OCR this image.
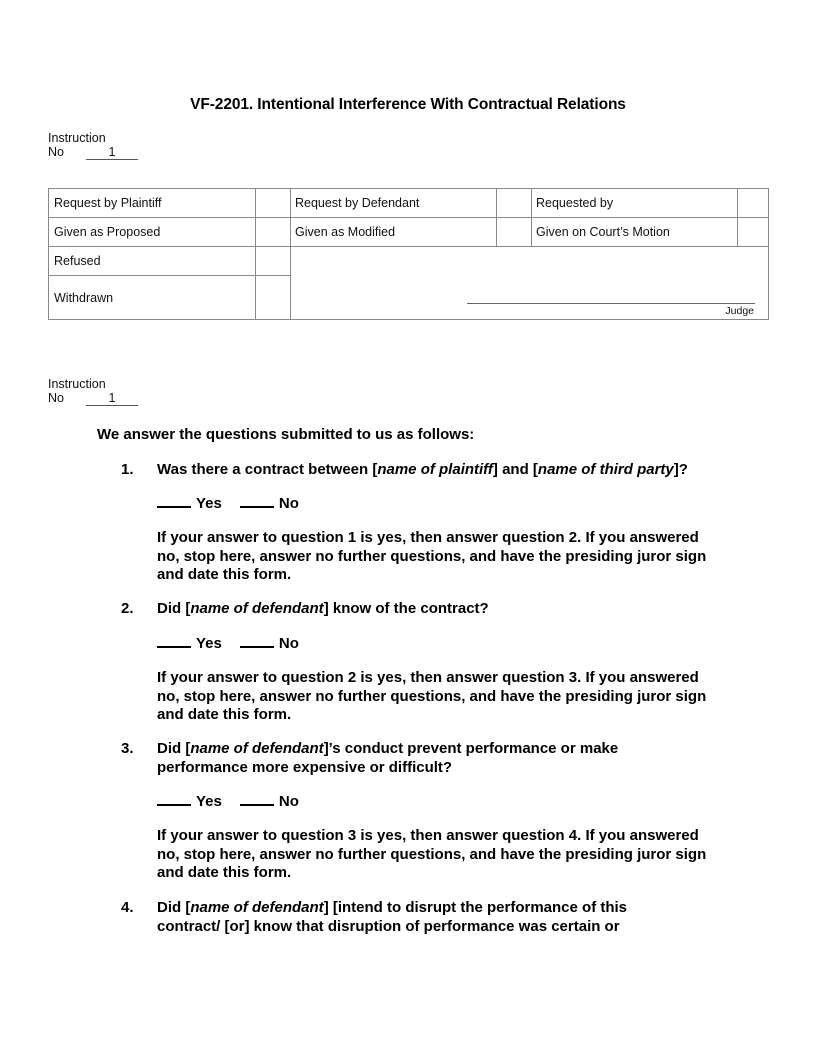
VF-2201. Intentional Interference With Contractual Relations
Instruction
No	1
Request by Plaintiff	Request by Defendant	Requested by
Given as Proposed	Given as Modified	Given on Court’s Motion
Refused
Withdrawn
Judge
Instruction
No	1
We answer the questions submitted to us as follows:
1. Was there a contract between [name of plaintiff] and [name of third party]?
Yes	No
If your answer to question 1 is yes, then answer question 2. If you answered no, stop here, answer no further questions, and have the presiding juror sign and date this form.
2. Did [name of defendant] know of the contract?
Yes	No
If your answer to question 2 is yes, then answer question 3. If you answered no, stop here, answer no further questions, and have the presiding juror sign and date this form.
3. Did [name of defendant]’s conduct prevent performance or make performance more expensive or difficult?
Yes	No
If your answer to question 3 is yes, then answer question 4. If you answered no, stop here, answer no further questions, and have the presiding juror sign and date this form.
4. Did [name of defendant] [intend to disrupt the performance of this contract/ [or] know that disruption of performance was certain or
